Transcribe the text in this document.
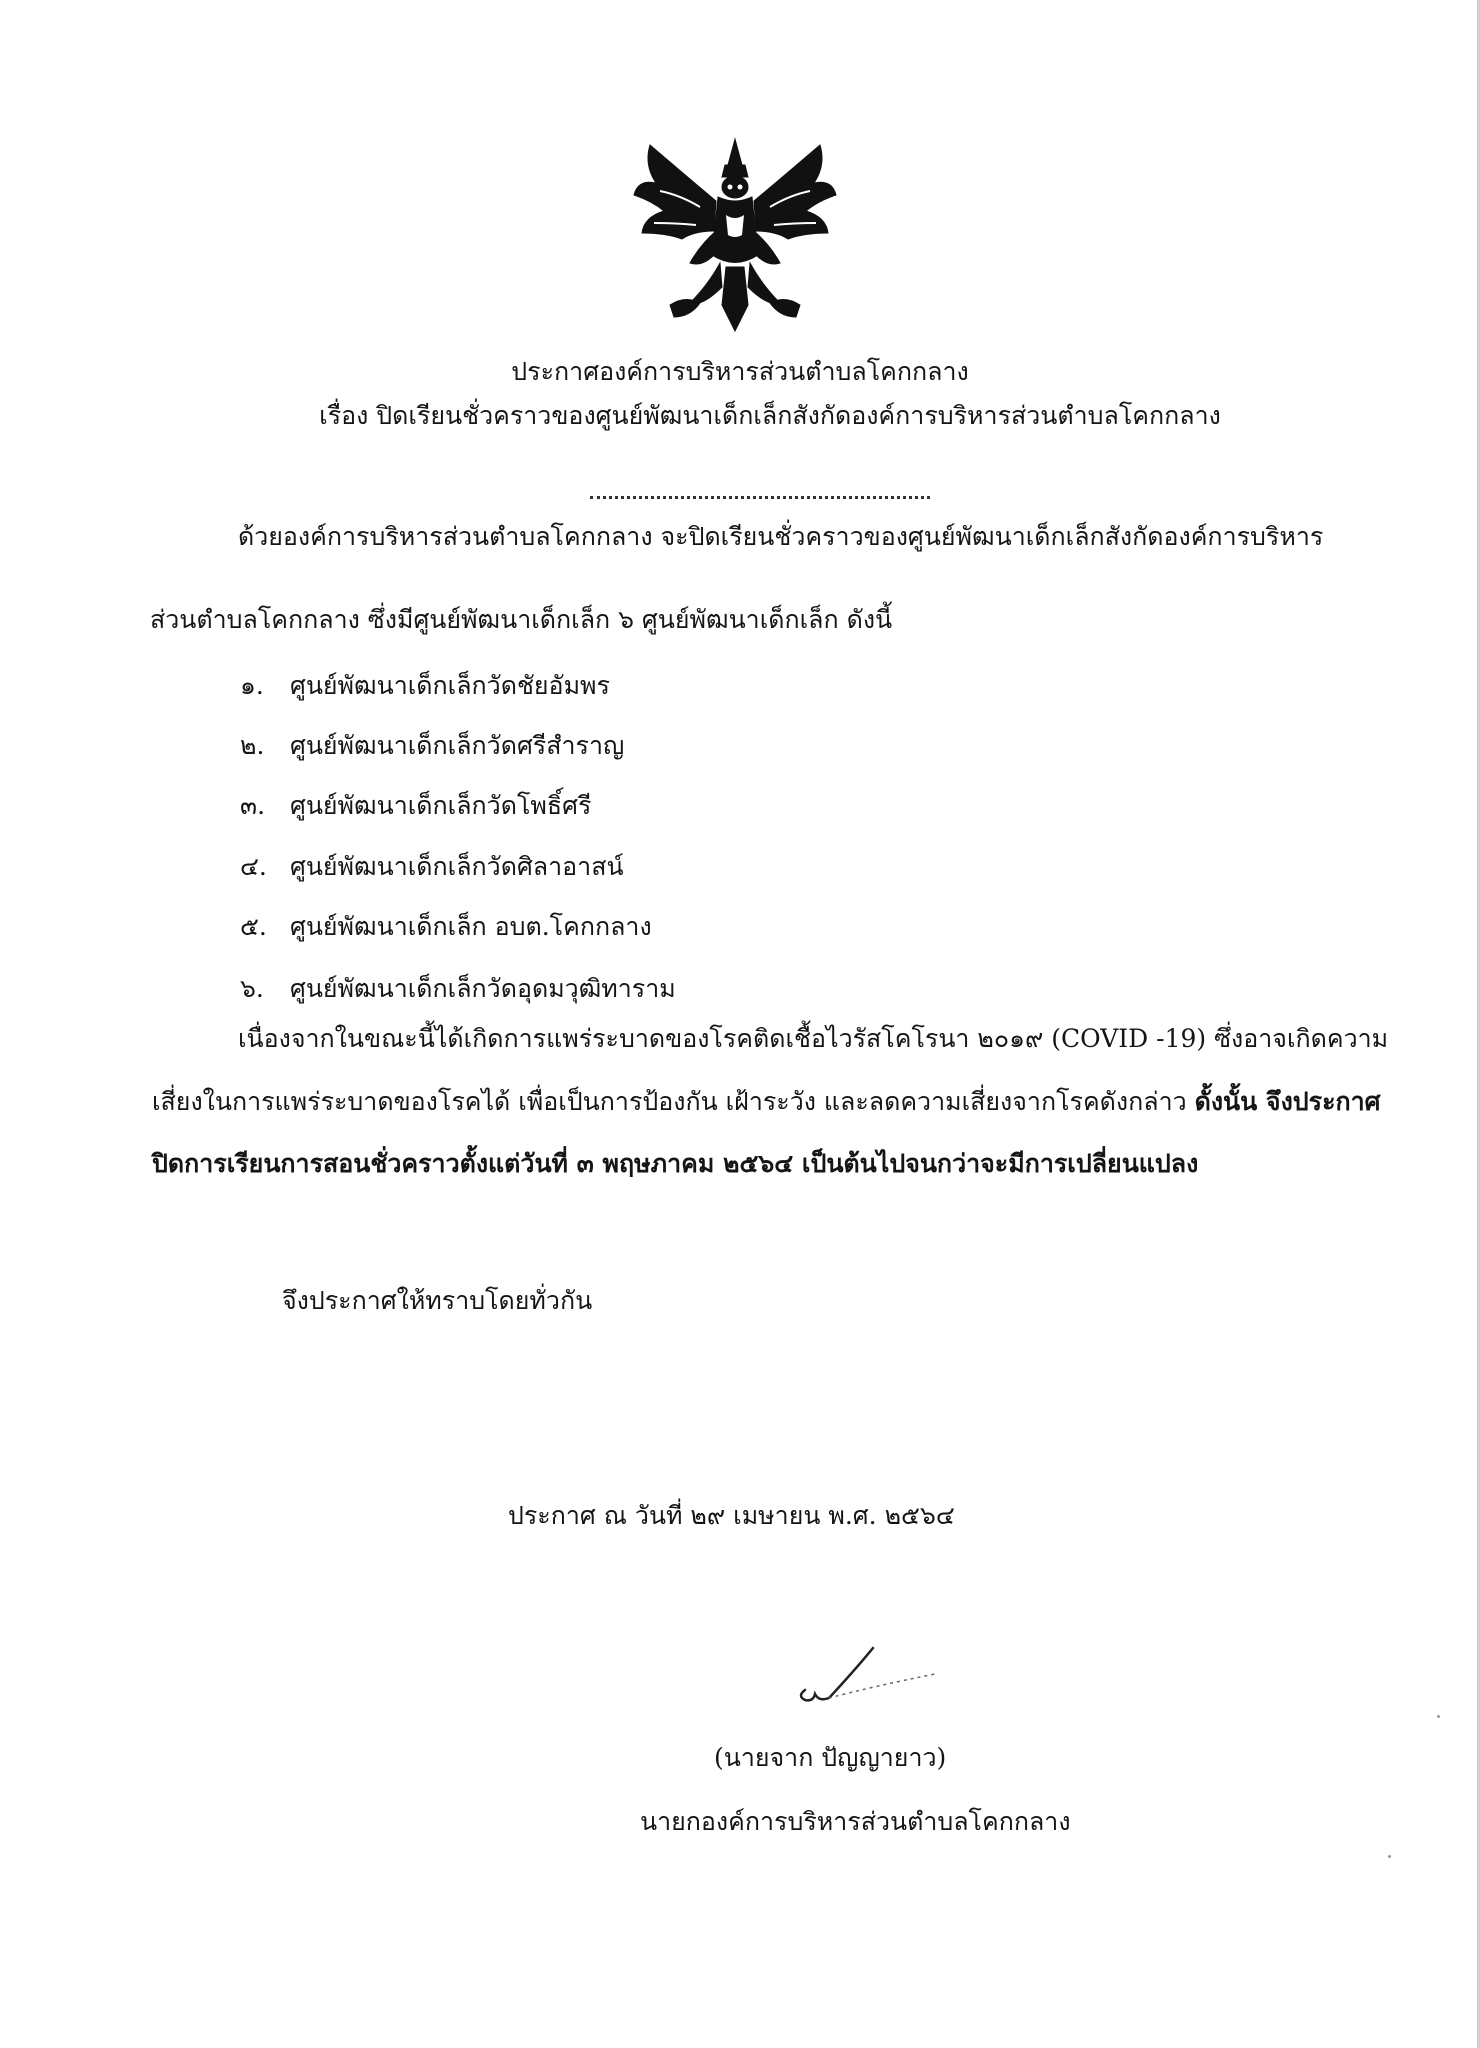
ประกาศองค์การบริหารส่วนตำบลโคกกลาง
เรื่อง ปิดเรียนชั่วคราวของศูนย์พัฒนาเด็กเล็กสังกัดองค์การบริหารส่วนตำบลโคกกลาง
ด้วยองค์การบริหารส่วนตำบลโคกกลาง จะปิดเรียนชั่วคราวของศูนย์พัฒนาเด็กเล็กสังกัดองค์การบริหาร
ส่วนตำบลโคกกลาง ซึ่งมีศูนย์พัฒนาเด็กเล็ก ๖ ศูนย์พัฒนาเด็กเล็ก ดังนี้
๑. ศูนย์พัฒนาเด็กเล็กวัดชัยอัมพร
๒. ศูนย์พัฒนาเด็กเล็กวัดศรีสำราญ
๓. ศูนย์พัฒนาเด็กเล็กวัดโพธิ์ศรี
๔. ศูนย์พัฒนาเด็กเล็กวัดศิลาอาสน์
๕. ศูนย์พัฒนาเด็กเล็ก อบต.โคกกลาง
๖. ศูนย์พัฒนาเด็กเล็กวัดอุดมวุฒิทาราม
เนื่องจากในขณะนี้ได้เกิดการแพร่ระบาดของโรคติดเชื้อไวรัสโคโรนา ๒๐๑๙ (COVID -19) ซึ่งอาจเกิดความ
เสี่ยงในการแพร่ระบาดของโรคได้ เพื่อเป็นการป้องกัน เฝ้าระวัง และลดความเสี่ยงจากโรคดังกล่าว ดั้งนั้น จึงประกาศ
ปิดการเรียนการสอนชั่วคราวตั้งแต่วันที่ ๓ พฤษภาคม ๒๕๖๔ เป็นต้นไปจนกว่าจะมีการเปลี่ยนแปลง
จึงประกาศให้ทราบโดยทั่วกัน
ประกาศ ณ วันที่ ๒๙ เมษายน พ.ศ. ๒๕๖๔
(นายจาก ปัญญายาว)
นายกองค์การบริหารส่วนตำบลโคกกลาง
